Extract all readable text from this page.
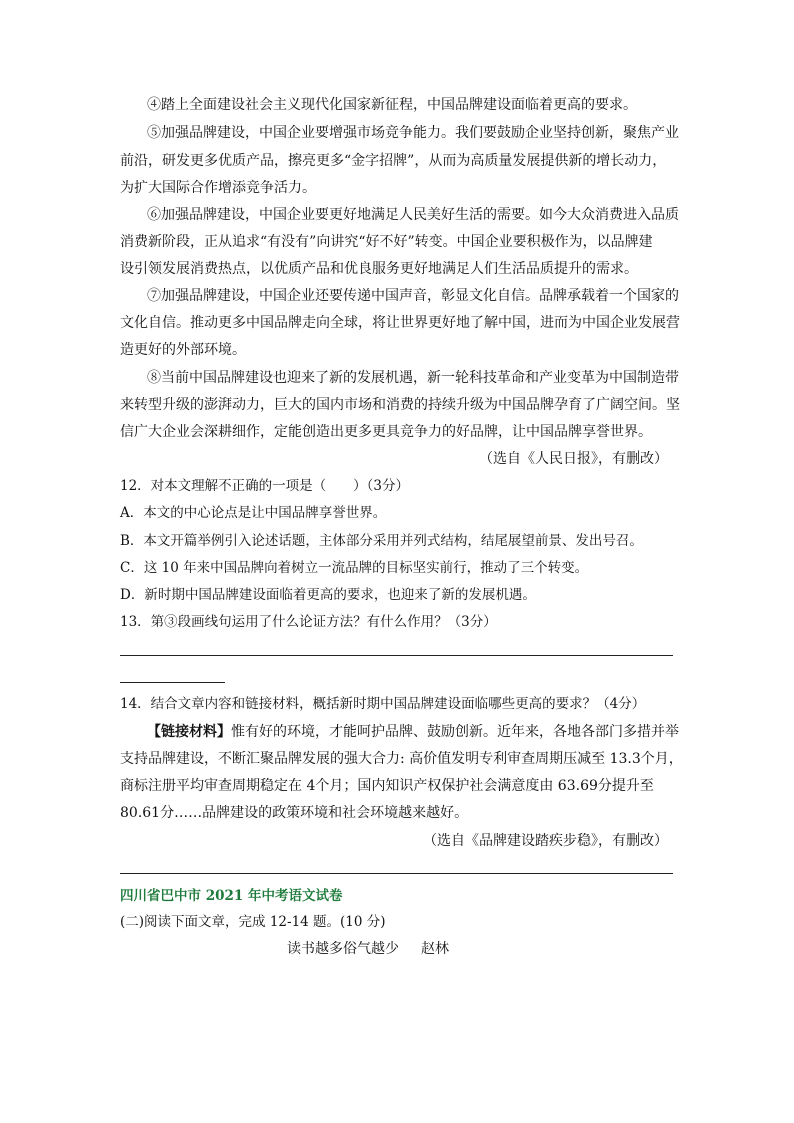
④踏上全面建设社会主义现代化国家新征程，中国品牌建设面临着更高的要求。
⑤加强品牌建设，中国企业要增强市场竞争能力。我们要鼓励企业坚持创新，聚焦产业
前沿，研发更多优质产品，擦亮更多“金字招牌”，从而为高质量发展提供新的增长动力，
为扩大国际合作增添竞争活力。
⑥加强品牌建设，中国企业要更好地满足人民美好生活的需要。如今大众消费进入品质
消费新阶段，正从追求“有没有”向讲究“好不好”转变。中国企业要积极作为，以品牌建
设引领发展消费热点，以优质产品和优良服务更好地满足人们生活品质提升的需求。
⑦加强品牌建设，中国企业还要传递中国声音，彰显文化自信。品牌承载着一个国家的
文化自信。推动更多中国品牌走向全球，将让世界更好地了解中国，进而为中国企业发展营
造更好的外部环境。
⑧当前中国品牌建设也迎来了新的发展机遇，新一轮科技革命和产业变革为中国制造带
来转型升级的澎湃动力，巨大的国内市场和消费的持续升级为中国品牌孕育了广阔空间。坚
信广大企业会深耕细作，定能创造出更多更具竞争力的好品牌，让中国品牌享誉世界。
（选自《人民日报》，有删改）
12．对本文理解不正确的一项是（　　）（3分）
A．本文的中心论点是让中国品牌享誉世界。
B．本文开篇举例引入论述话题，主体部分采用并列式结构，结尾展望前景、发出号召。
C．这 10 年来中国品牌向着树立一流品牌的目标坚实前行，推动了三个转变。
D．新时期中国品牌建设面临着更高的要求，也迎来了新的发展机遇。
13．第③段画线句运用了什么论证方法？有什么作用？（3分）
14．结合文章内容和链接材料，概括新时期中国品牌建设面临哪些更高的要求？（4分）
【链接材料】惟有好的环境，才能呵护品牌、鼓励创新。近年来，各地各部门多措并举
支持品牌建设，不断汇聚品牌发展的强大合力: 高价值发明专利审查周期压减至 13.3个月，
商标注册平均审查周期稳定在 4个月；国内知识产权保护社会满意度由 63.69分提升至
80.61分……品牌建设的政策环境和社会环境越来越好。
（选自《品牌建设踏疾步稳》，有删改）
四川省巴中市 2021 年中考语文试卷
(二)阅读下面文章，完成 12-14 题。(10 分)
读书越多俗气越少 赵林
